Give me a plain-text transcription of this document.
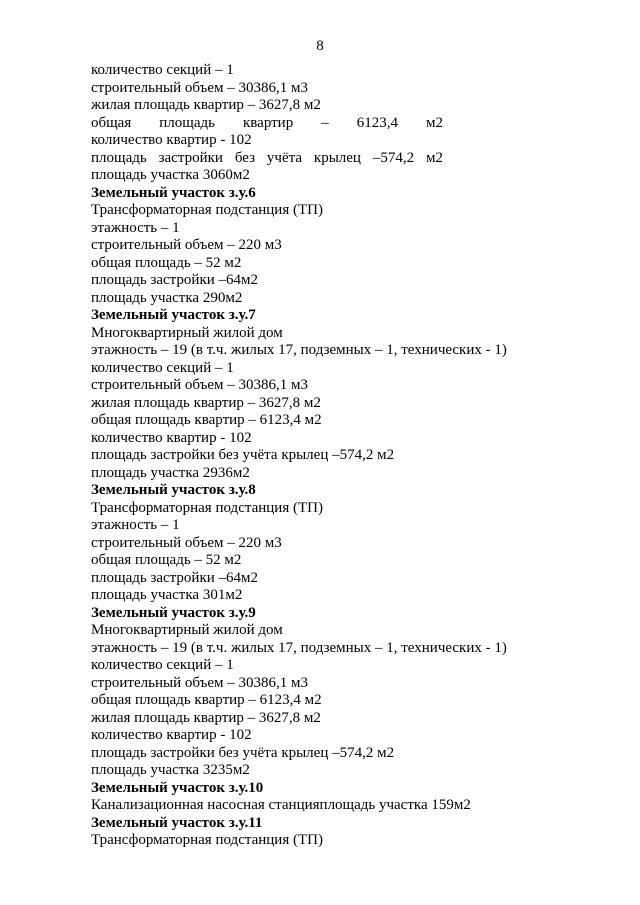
8
количество секций – 1
строительный объем – 30386,1 м3
жилая площадь квартир – 3627,8 м2
общая площадь квартир – 6123,4 м2
количество квартир - 102
площадь застройки без учёта крылец –574,2 м2
площадь участка 3060м2
Земельный участок з.у.6
Трансформаторная подстанция (ТП)
этажность – 1
строительный объем – 220 м3
общая площадь – 52 м2
площадь застройки –64м2
площадь участка 290м2
Земельный участок з.у.7
Многоквартирный жилой дом
этажность – 19 (в т.ч. жилых 17, подземных – 1, технических - 1)
количество секций – 1
строительный объем – 30386,1 м3
жилая площадь квартир – 3627,8 м2
общая площадь квартир – 6123,4 м2
количество квартир - 102
площадь застройки без учёта крылец –574,2 м2
площадь участка 2936м2
Земельный участок з.у.8
Трансформаторная подстанция (ТП)
этажность – 1
строительный объем – 220 м3
общая площадь – 52 м2
площадь застройки –64м2
площадь участка 301м2
Земельный участок з.у.9
Многоквартирный жилой дом
этажность – 19 (в т.ч. жилых 17, подземных – 1, технических - 1)
количество секций – 1
строительный объем – 30386,1 м3
общая площадь квартир – 6123,4 м2
жилая площадь квартир – 3627,8 м2
количество квартир - 102
площадь застройки без учёта крылец –574,2 м2
площадь участка 3235м2
Земельный участок з.у.10
Канализационная насосная станцияплощадь участка 159м2
Земельный участок з.у.11
Трансформаторная подстанция (ТП)
